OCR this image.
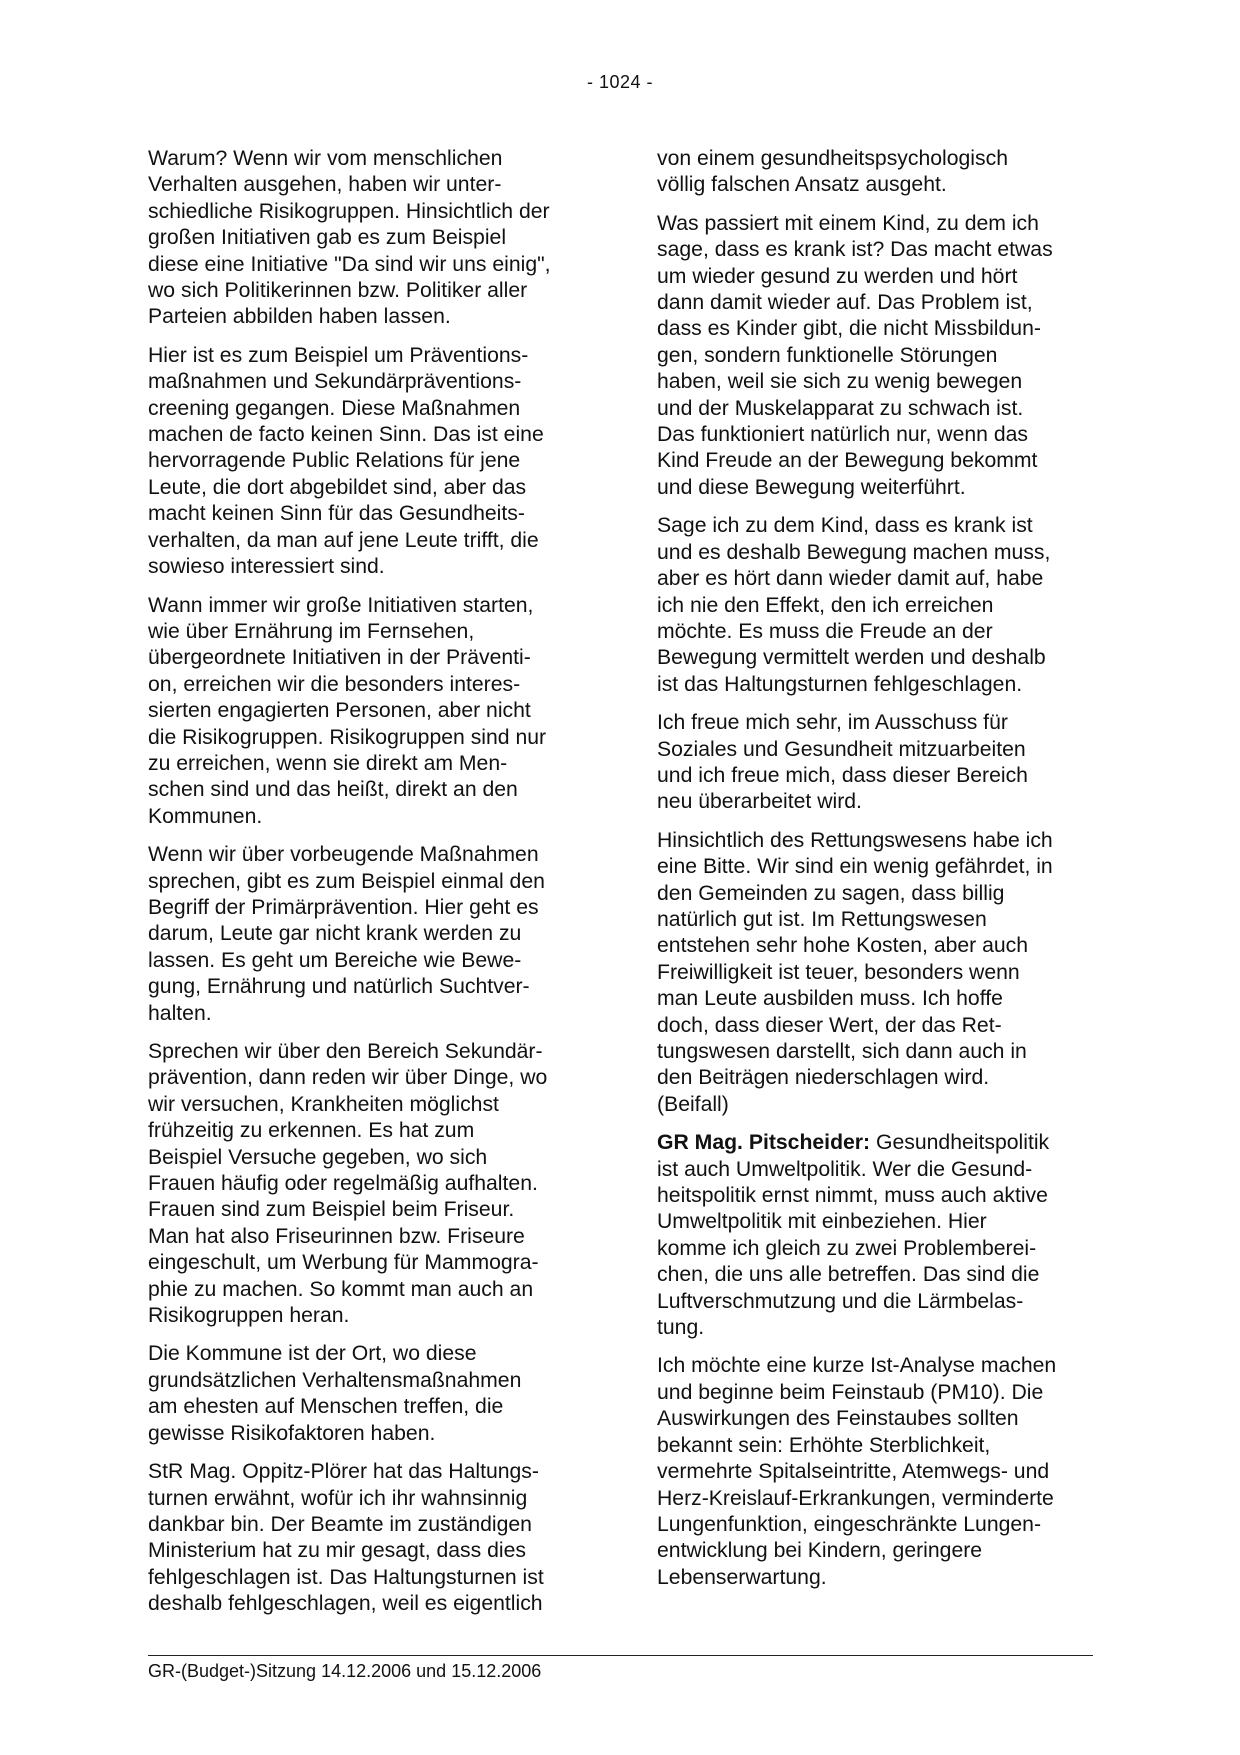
- 1024 -

Warum? Wenn wir vom menschlichen
Verhalten ausgehen, haben wir unter-
schiedliche Risikogruppen. Hinsichtlich der
großen Initiativen gab es zum Beispiel
diese eine Initiative "Da sind wir uns einig",
wo sich Politikerinnen bzw. Politiker aller
Parteien abbilden haben lassen.

Hier ist es zum Beispiel um Präventions-
maßnahmen und Sekundärpräventions-
creening gegangen. Diese Maßnahmen
machen de facto keinen Sinn. Das ist eine
hervorragende Public Relations für jene
Leute, die dort abgebildet sind, aber das
macht keinen Sinn für das Gesundheits-
verhalten, da man auf jene Leute trifft, die
sowieso interessiert sind.

Wann immer wir große Initiativen starten,
wie über Ernährung im Fernsehen,
übergeordnete Initiativen in der Präventi-
on, erreichen wir die besonders interes-
sierten engagierten Personen, aber nicht
die Risikogruppen. Risikogruppen sind nur
zu erreichen, wenn sie direkt am Men-
schen sind und das heißt, direkt an den
Kommunen.

Wenn wir über vorbeugende Maßnahmen
sprechen, gibt es zum Beispiel einmal den
Begriff der Primärprävention. Hier geht es
darum, Leute gar nicht krank werden zu
lassen. Es geht um Bereiche wie Bewe-
gung, Ernährung und natürlich Suchtver-
halten.

Sprechen wir über den Bereich Sekundär-
prävention, dann reden wir über Dinge, wo
wir versuchen, Krankheiten möglichst
frühzeitig zu erkennen. Es hat zum
Beispiel Versuche gegeben, wo sich
Frauen häufig oder regelmäßig aufhalten.
Frauen sind zum Beispiel beim Friseur.
Man hat also Friseurinnen bzw. Friseure
eingeschult, um Werbung für Mammogra-
phie zu machen. So kommt man auch an
Risikogruppen heran.

Die Kommune ist der Ort, wo diese
grundsätzlichen Verhaltensmaßnahmen
am ehesten auf Menschen treffen, die
gewisse Risikofaktoren haben.

StR Mag. Oppitz-Plörer hat das Haltungs-
turnen erwähnt, wofür ich ihr wahnsinnig
dankbar bin. Der Beamte im zuständigen
Ministerium hat zu mir gesagt, dass dies
fehlgeschlagen ist. Das Haltungsturnen ist
deshalb fehlgeschlagen, weil es eigentlich

von einem gesundheitspsychologisch
völlig falschen Ansatz ausgeht.

Was passiert mit einem Kind, zu dem ich
sage, dass es krank ist? Das macht etwas
um wieder gesund zu werden und hört
dann damit wieder auf. Das Problem ist,
dass es Kinder gibt, die nicht Missbildun-
gen, sondern funktionelle Störungen
haben, weil sie sich zu wenig bewegen
und der Muskelapparat zu schwach ist.
Das funktioniert natürlich nur, wenn das
Kind Freude an der Bewegung bekommt
und diese Bewegung weiterführt.

Sage ich zu dem Kind, dass es krank ist
und es deshalb Bewegung machen muss,
aber es hört dann wieder damit auf, habe
ich nie den Effekt, den ich erreichen
möchte. Es muss die Freude an der
Bewegung vermittelt werden und deshalb
ist das Haltungsturnen fehlgeschlagen.

Ich freue mich sehr, im Ausschuss für
Soziales und Gesundheit mitzuarbeiten
und ich freue mich, dass dieser Bereich
neu überarbeitet wird.

Hinsichtlich des Rettungswesens habe ich
eine Bitte. Wir sind ein wenig gefährdet, in
den Gemeinden zu sagen, dass billig
natürlich gut ist. Im Rettungswesen
entstehen sehr hohe Kosten, aber auch
Freiwilligkeit ist teuer, besonders wenn
man Leute ausbilden muss. Ich hoffe
doch, dass dieser Wert, der das Ret-
tungswesen darstellt, sich dann auch in
den Beiträgen niederschlagen wird.
(Beifall)

GR Mag. Pitscheider: Gesundheitspolitik
ist auch Umweltpolitik. Wer die Gesund-
heitspolitik ernst nimmt, muss auch aktive
Umweltpolitik mit einbeziehen. Hier
komme ich gleich zu zwei Problemberei-
chen, die uns alle betreffen. Das sind die
Luftverschmutzung und die Lärmbelas-
tung.

Ich möchte eine kurze Ist-Analyse machen
und beginne beim Feinstaub (PM10). Die
Auswirkungen des Feinstaubes sollten
bekannt sein: Erhöhte Sterblichkeit,
vermehrte Spitalseintritte, Atemwegs- und
Herz-Kreislauf-Erkrankungen, verminderte
Lungenfunktion, eingeschränkte Lungen-
entwicklung bei Kindern, geringere
Lebenserwartung.

GR-(Budget-)Sitzung 14.12.2006 und 15.12.2006
